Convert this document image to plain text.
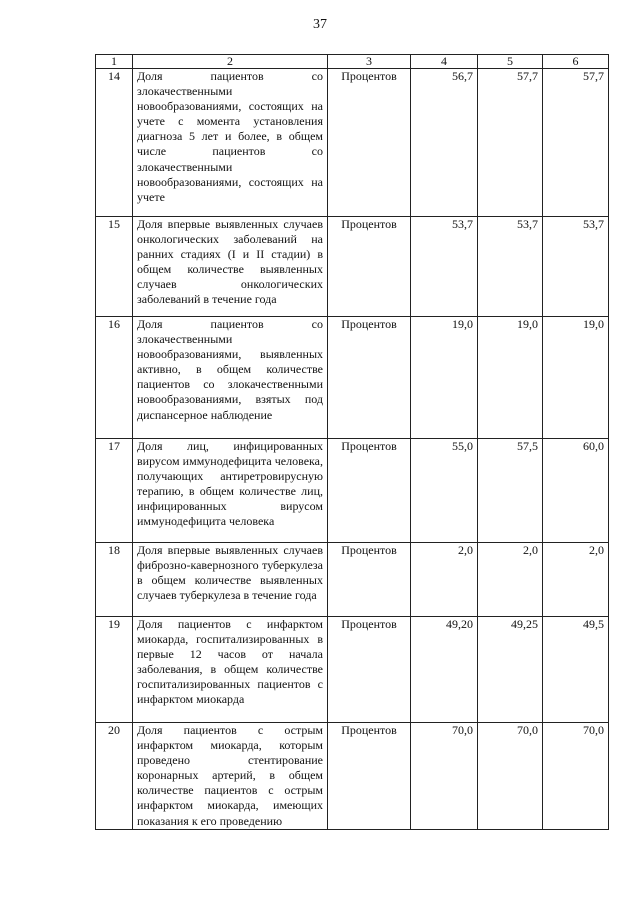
37
1	2	3	4	5	6
14	Доля пациентов со злокачественными новообразованиями, состоящих на учете с момента установления диагноза 5 лет и более, в общем числе пациентов со злокачественными новообразованиями, состоящих на учете	Процентов	56,7	57,7	57,7
15	Доля впервые выявленных случаев онкологических заболеваний на ранних стадиях (I и II стадии) в общем количестве выявленных случаев онкологических заболеваний в течение года	Процентов	53,7	53,7	53,7
16	Доля пациентов со злокачественными новообразованиями, выявленных активно, в общем количестве пациентов со злокачественными новообразованиями, взятых под диспансерное наблюдение	Процентов	19,0	19,0	19,0
17	Доля лиц, инфицированных вирусом иммунодефицита человека, получающих антиретровирусную терапию, в общем количестве лиц, инфицированных вирусом иммунодефицита человека	Процентов	55,0	57,5	60,0
18	Доля впервые выявленных случаев фиброзно-кавернозного туберкулеза в общем количестве выявленных случаев туберкулеза в течение года	Процентов	2,0	2,0	2,0
19	Доля пациентов с инфарктом миокарда, госпитализированных в первые 12 часов от начала заболевания, в общем количестве госпитализированных пациентов с инфарктом миокарда	Процентов	49,20	49,25	49,5
20	Доля пациентов с острым инфарктом миокарда, которым проведено стентирование коронарных артерий, в общем количестве пациентов с острым инфарктом миокарда, имеющих показания к его проведению	Процентов	70,0	70,0	70,0
